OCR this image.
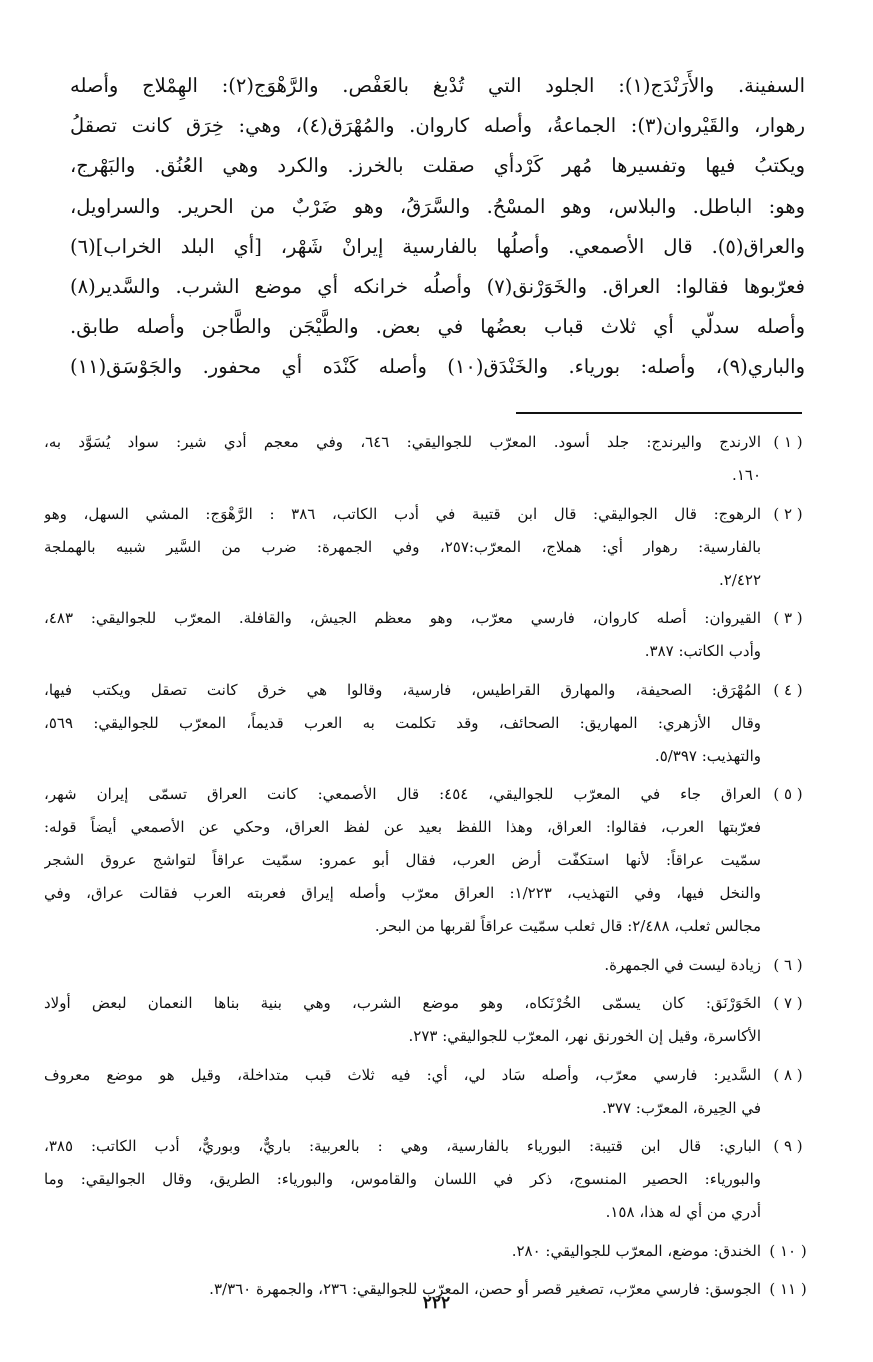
السفينة. والأَرَنْدَج(١): الجلود التي تُدْبغ بالعَفْص. والرَّهْوَج(٢): الهِمْلاج وأصله
رهوار، والقَيْروان(٣): الجماعةُ، وأصله كاروان. والمُهْرَق(٤)، وهي: خِرَق كانت تصقلُ
ويكتبُ فيها وتفسيرها مُهر كَرْدأي صقلت بالخرز. والكرد وهي العُنُق. والبَهْرج،
وهو: الباطل. والبلاس، وهو المسْحُ. والسَّرَقُ، وهو ضَرْبٌ من الحرير. والسراويل،
والعراق(٥). قال الأصمعي. وأصلُها بالفارسية إيرانْ شَهْر، [أي البلد الخراب](٦)
فعرّبوها فقالوا: العراق. والخَوَرْنق(٧) وأصلُه خرانكه أي موضع الشرب. والسَّدير(٨)
وأصله سدلّي أي ثلاث قباب بعضُها في بعض. والطَّيْجَن والطَّاجن وأصله طابق.
والباري(٩)، وأصله: بورياء. والخَنْدَق(١٠) وأصله كَنْدَه أي محفور. والجَوْسَق(١١)
( ١ )
الارندج واليرندج: جلد أسود. المعرّب للجواليقي: ٦٤٦، وفي معجم أدي شير: سواد يُسَوَّد به،
١٦٠.
( ٢ )
الرهوج: قال الجواليقي: قال ابن قتيبة في أدب الكاتب، ٣٨٦ : الرَّهْوَج: المشي السهل، وهو
بالفارسية: رهوار أي: هملاج، المعرّب:٢٥٧، وفي الجمهرة: ضرب من السَّير شبيه بالهملجة
٢/٤٢٢.
( ٣ )
القيروان: أصله كاروان، فارسي معرّب، وهو معظم الجيش، والقافلة. المعرّب للجواليقي: ٤٨٣،
وأدب الكاتب: ٣٨٧.
( ٤ )
المُهْرَق: الصحيفة، والمهارق القراطيس، فارسية، وقالوا هي خرق كانت تصقل ويكتب فيها،
وقال الأزهري: المهاريق: الصحائف، وقد تكلمت به العرب قديماً، المعرّب للجواليقي: ٥٦٩،
والتهذيب: ٥/٣٩٧.
( ٥ )
العراق جاء في المعرّب للجواليقي، ٤٥٤: قال الأصمعي: كانت العراق تسمّى إيران شهر،
فعرّبتها العرب، فقالوا: العراق، وهذا اللفظ بعيد عن لفظ العراق، وحكي عن الأصمعي أيضاً قوله:
سمّيت عراقاً: لأنها استكفّت أرض العرب، فقال أبو عمرو: سمّيت عراقاً لتواشج عروق الشجر
والنخل فيها، وفي التهذيب، ١/٢٢٣: العراق معرّب وأصله إيراق فعربته العرب فقالت عراق، وفي
مجالس ثعلب، ٢/٤٨٨: قال ثعلب سمّيت عراقاً لقربها من البحر.
( ٦ )
زيادة ليست في الجمهرة.
( ٧ )
الخَوَرْنَق: كان يسمّى الخُرْنَكاه، وهو موضع الشرب، وهي بنية بناها النعمان لبعض أولاد
الأكاسرة، وقيل إن الخورنق نهر، المعرّب للجواليقي: ٢٧٣.
( ٨ )
السَّدير: فارسي معرّب، وأصله سَاد لي، أي: فيه ثلاث قبب متداخلة، وقيل هو موضع معروف
في الحِيرة، المعرّب: ٣٧٧.
( ٩ )
الباري: قال ابن قتيبة: البورياء بالفارسية، وهي : بالعربية: باريٌّ، وبوريٌّ، أدب الكاتب: ٣٨٥،
والبورياء: الحصير المنسوج، ذكر في اللسان والقاموس، والبورياء: الطريق، وقال الجواليقي: وما
أدري من أي له هذا، ١٥٨.
( ١٠ )
الخندق: موضع، المعرّب للجواليقي: ٢٨٠.
( ١١ )
الجوسق: فارسي معرّب، تصغير قصر أو حصن، المعرّب للجواليقي: ٢٣٦، والجمهرة ٣/٣٦٠.
٢٢٢
